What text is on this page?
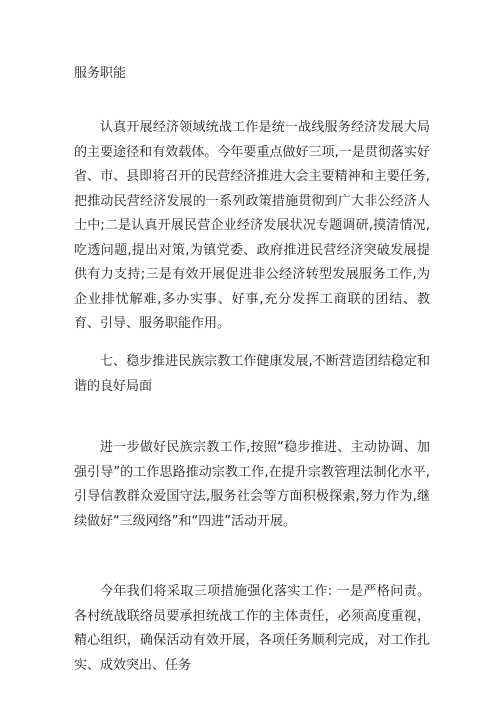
服务职能

认真开展经济领域统战工作是统一战线服务经济发展大局的主要途径和有效载体。今年要重点做好三项,一是贯彻落实好省、市、县即将召开的民营经济推进大会主要精神和主要任务,把推动民营经济发展的一系列政策措施贯彻到广大非公经济人士中;二是认真开展民营企业经济发展状况专题调研,摸清情况,吃透问题,提出对策,为镇党委、政府推进民营经济突破发展提供有力支持;三是有效开展促进非公经济转型发展服务工作,为企业排忧解难,多办实事、好事,充分发挥工商联的团结、教育、引导、服务职能作用。

七、稳步推进民族宗教工作健康发展,不断营造团结稳定和谐的良好局面

进一步做好民族宗教工作,按照“稳步推进、主动协调、加强引导”的工作思路推动宗教工作,在提升宗教管理法制化水平,引导信教群众爱国守法,服务社会等方面积极探索,努力作为,继续做好“三级网络”和“四进”活动开展。

今年我们将采取三项措施强化落实工作: 一是严格问责。各村统战联络员要承担统战工作的主体责任，必须高度重视，精心组织，确保活动有效开展，各项任务顺利完成，对工作扎实、成效突出、任务
